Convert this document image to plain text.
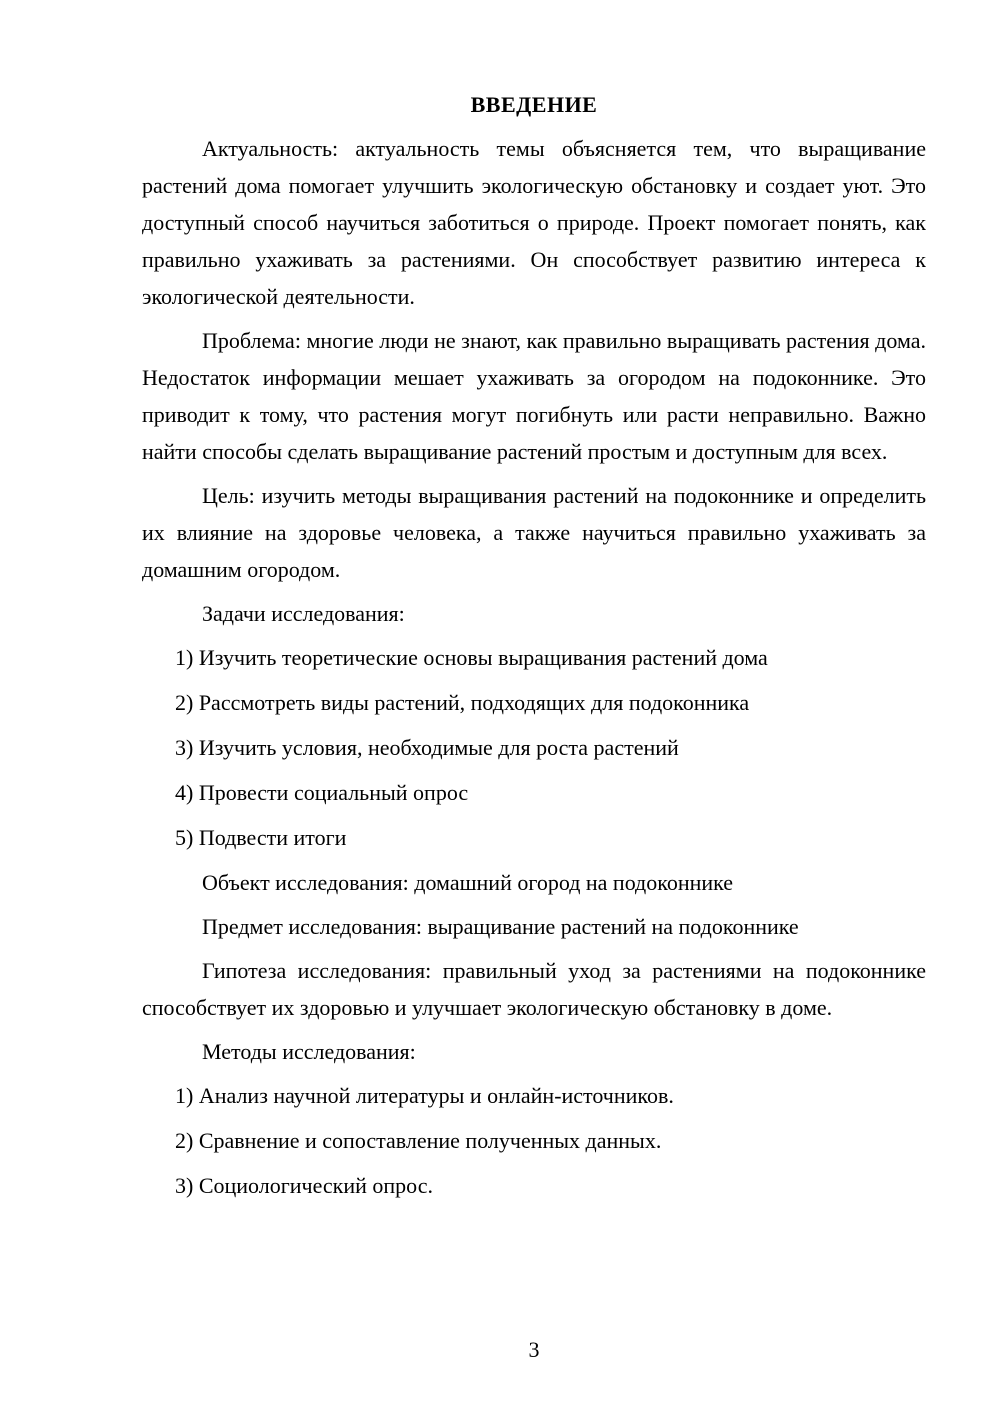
ВВЕДЕНИЕ

Актуальность: актуальность темы объясняется тем, что выращивание растений дома помогает улучшить экологическую обстановку и создает уют. Это доступный способ научиться заботиться о природе. Проект помогает понять, как правильно ухаживать за растениями. Он способствует развитию интереса к экологической деятельности.

Проблема: многие люди не знают, как правильно выращивать растения дома. Недостаток информации мешает ухаживать за огородом на подоконнике. Это приводит к тому, что растения могут погибнуть или расти неправильно. Важно найти способы сделать выращивание растений простым и доступным для всех.

Цель: изучить методы выращивания растений на подоконнике и определить их влияние на здоровье человека, а также научиться правильно ухаживать за домашним огородом.

Задачи исследования:

1) Изучить теоретические основы выращивания растений дома

2) Рассмотреть виды растений, подходящих для подоконника

3) Изучить условия, необходимые для роста растений

4) Провести социальный опрос

5) Подвести итоги

Объект исследования: домашний огород на подоконнике

Предмет исследования: выращивание растений на подоконнике

Гипотеза исследования: правильный уход за растениями на подоконнике способствует их здоровью и улучшает экологическую обстановку в доме.

Методы исследования:

1) Анализ научной литературы и онлайн-источников.

2) Сравнение и сопоставление полученных данных.

3) Социологический опрос.

3
